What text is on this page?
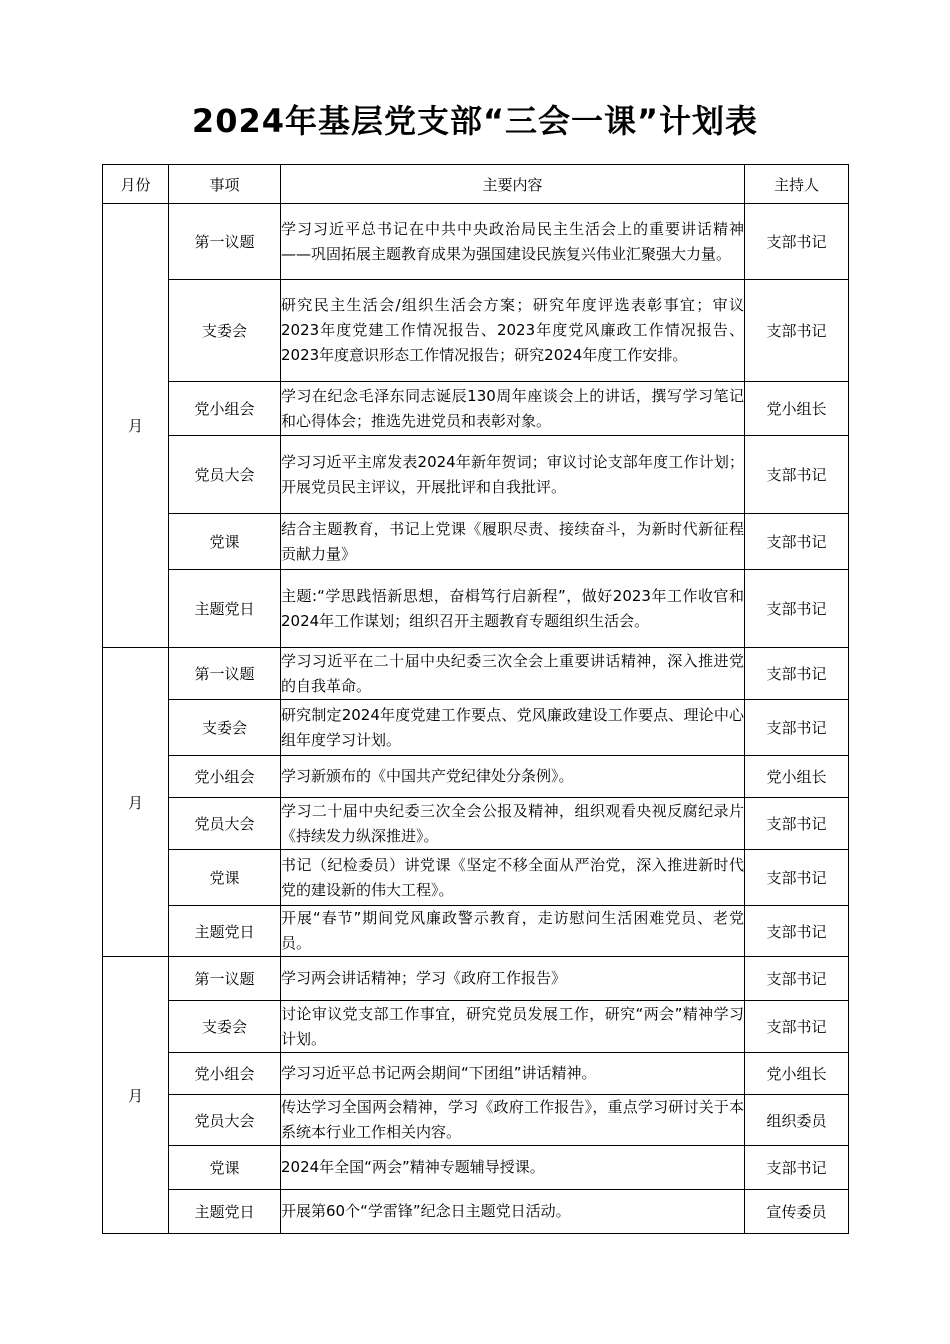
2024年基层党支部“三会一课”计划表
月份	事项	主要内容	主持人
月	第一议题	学习习近平总书记在中共中央政治局民主生活会上的重要讲话精神——巩固拓展主题教育成果为强国建设民族复兴伟业汇聚强大力量。	支部书记
	支委会	研究民主生活会/组织生活会方案；研究年度评选表彰事宜；审议2023年度党建工作情况报告、2023年度党风廉政工作情况报告、2023年度意识形态工作情况报告；研究2024年度工作安排。	支部书记
	党小组会	学习在纪念毛泽东同志诞辰130周年座谈会上的讲话，撰写学习笔记和心得体会；推选先进党员和表彰对象。	党小组长
	党员大会	学习习近平主席发表2024年新年贺词；审议讨论支部年度工作计划；开展党员民主评议，开展批评和自我批评。	支部书记
	党课	结合主题教育，书记上党课《履职尽责、接续奋斗，为新时代新征程贡献力量》	支部书记
	主题党日	主题:“学思践悟新思想，奋楫笃行启新程”，做好2023年工作收官和2024年工作谋划；组织召开主题教育专题组织生活会。	支部书记
月	第一议题	学习习近平在二十届中央纪委三次全会上重要讲话精神，深入推进党的自我革命。	支部书记
	支委会	研究制定2024年度党建工作要点、党风廉政建设工作要点、理论中心组年度学习计划。	支部书记
	党小组会	学习新颁布的《中国共产党纪律处分条例》。	党小组长
	党员大会	学习二十届中央纪委三次全会公报及精神，组织观看央视反腐纪录片《持续发力纵深推进》。	支部书记
	党课	书记（纪检委员）讲党课《坚定不移全面从严治党，深入推进新时代党的建设新的伟大工程》。	支部书记
	主题党日	开展“春节”期间党风廉政警示教育，走访慰问生活困难党员、老党员。	支部书记
月	第一议题	学习两会讲话精神；学习《政府工作报告》	支部书记
	支委会	讨论审议党支部工作事宜，研究党员发展工作，研究“两会”精神学习计划。	支部书记
	党小组会	学习习近平总书记两会期间“下团组”讲话精神。	党小组长
	党员大会	传达学习全国两会精神，学习《政府工作报告》，重点学习研讨关于本系统本行业工作相关内容。	组织委员
	党课	2024年全国“两会”精神专题辅导授课。	支部书记
	主题党日	开展第60个“学雷锋”纪念日主题党日活动。	宣传委员
